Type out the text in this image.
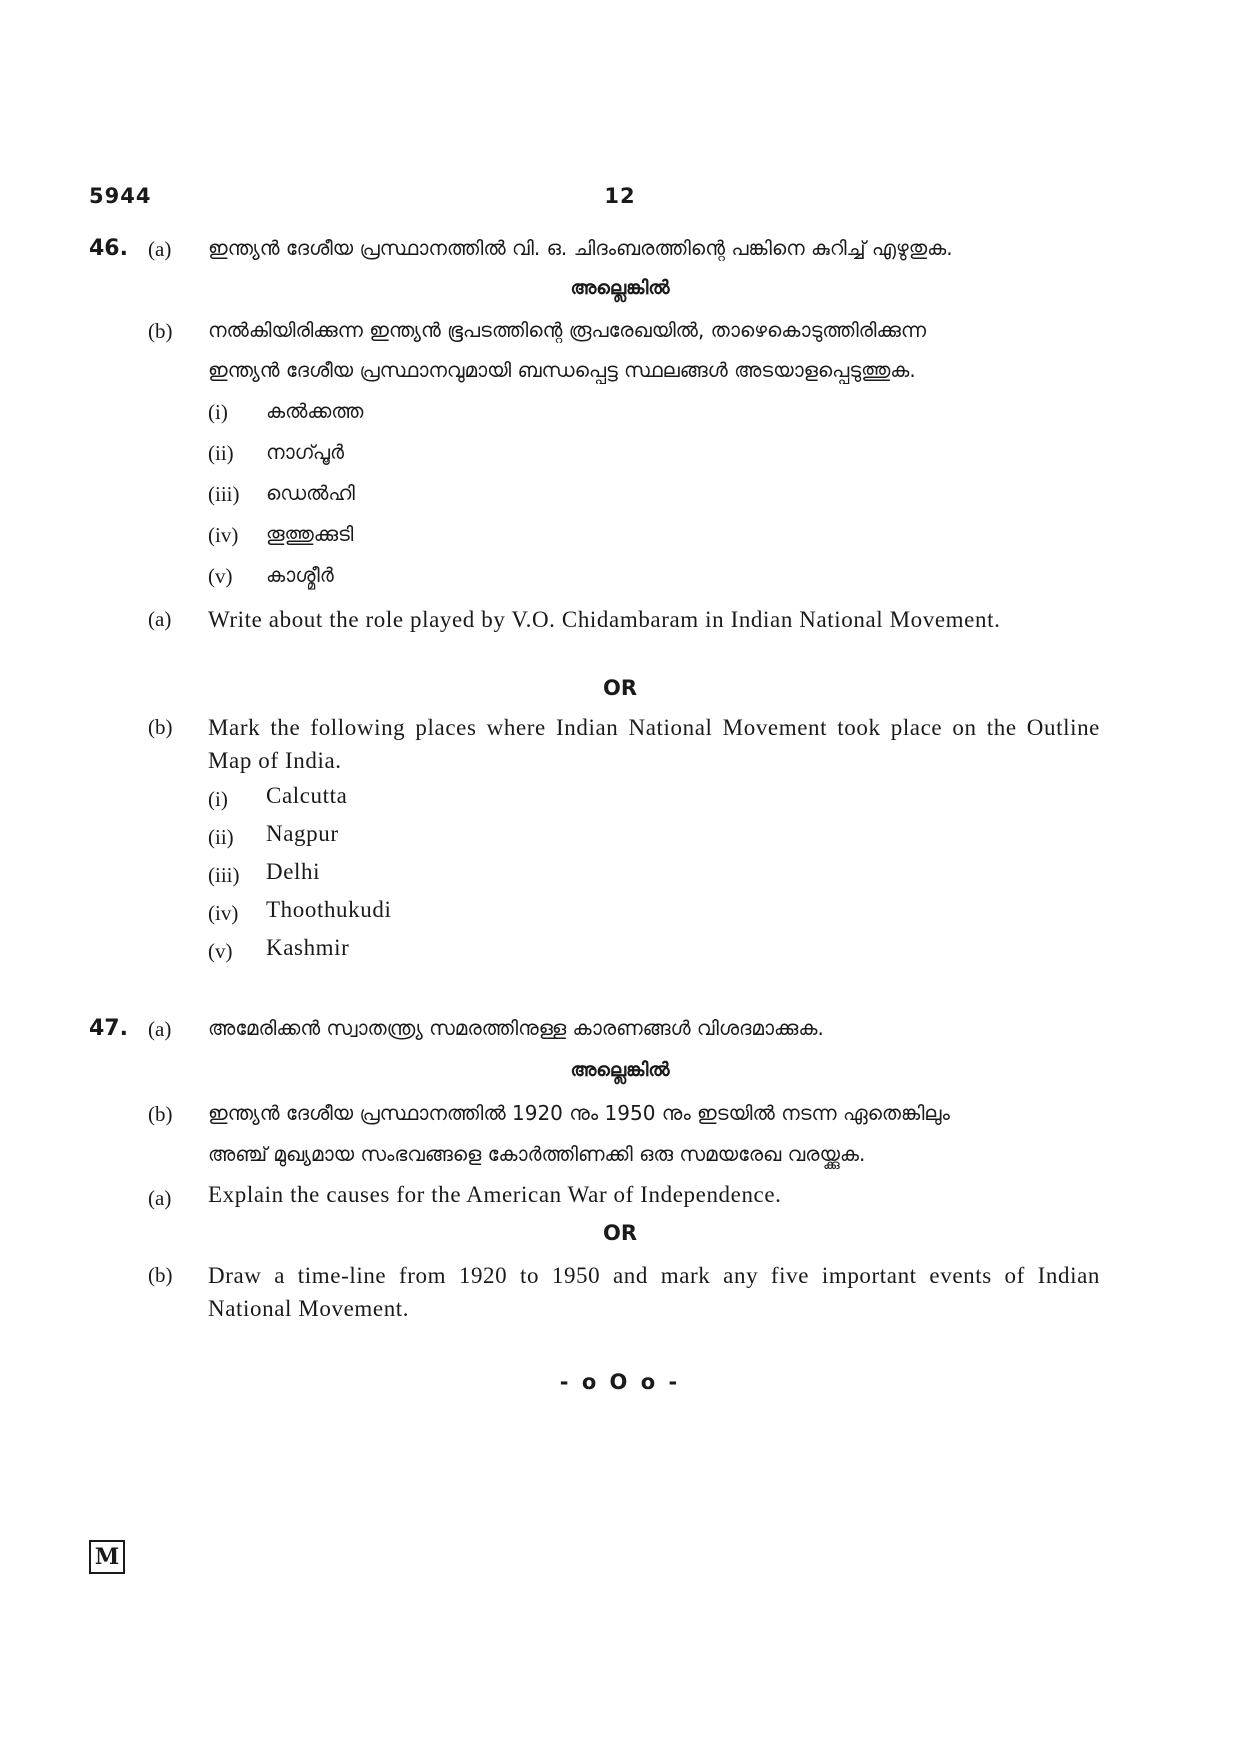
5944	12
46. (a) ഇന്ത്യൻ ദേശീയ പ്രസ്ഥാനത്തിൽ വി. ഒ. ചിദംബരത്തിന്റെ പങ്കിനെ കുറിച്ച് എഴുതുക.
അല്ലെങ്കിൽ
(b) നൽകിയിരിക്കുന്ന ഇന്ത്യൻ ഭൂപടത്തിന്റെ രൂപരേഖയിൽ, താഴെകൊടുത്തിരിക്കുന്ന
ഇന്ത്യൻ ദേശീയ പ്രസ്ഥാനവുമായി ബന്ധപ്പെട്ട സ്ഥലങ്ങൾ അടയാളപ്പെടുത്തുക.
(i) കൽക്കത്ത
(ii) നാഗ്പൂർ
(iii) ഡെൽഹി
(iv) തൂത്തുക്കുടി
(v) കാശ്മീർ
(a) Write about the role played by V.O. Chidambaram in Indian National Movement.
OR
(b) Mark the following places where Indian National Movement took place on the Outline Map of India.
(i) Calcutta
(ii) Nagpur
(iii) Delhi
(iv) Thoothukudi
(v) Kashmir
47. (a) അമേരിക്കൻ സ്വാതന്ത്ര്യ സമരത്തിനുള്ള കാരണങ്ങൾ വിശദമാക്കുക.
അല്ലെങ്കിൽ
(b) ഇന്ത്യൻ ദേശീയ പ്രസ്ഥാനത്തിൽ 1920 നും 1950 നും ഇടയിൽ നടന്ന ഏതെങ്കിലും
അഞ്ച് മുഖ്യമായ സംഭവങ്ങളെ കോർത്തിണക്കി ഒരു സമയരേഖ വരയ്ക്കുക.
(a) Explain the causes for the American War of Independence.
OR
(b) Draw a time-line from 1920 to 1950 and mark any five important events of Indian National Movement.
- o O o -
M
